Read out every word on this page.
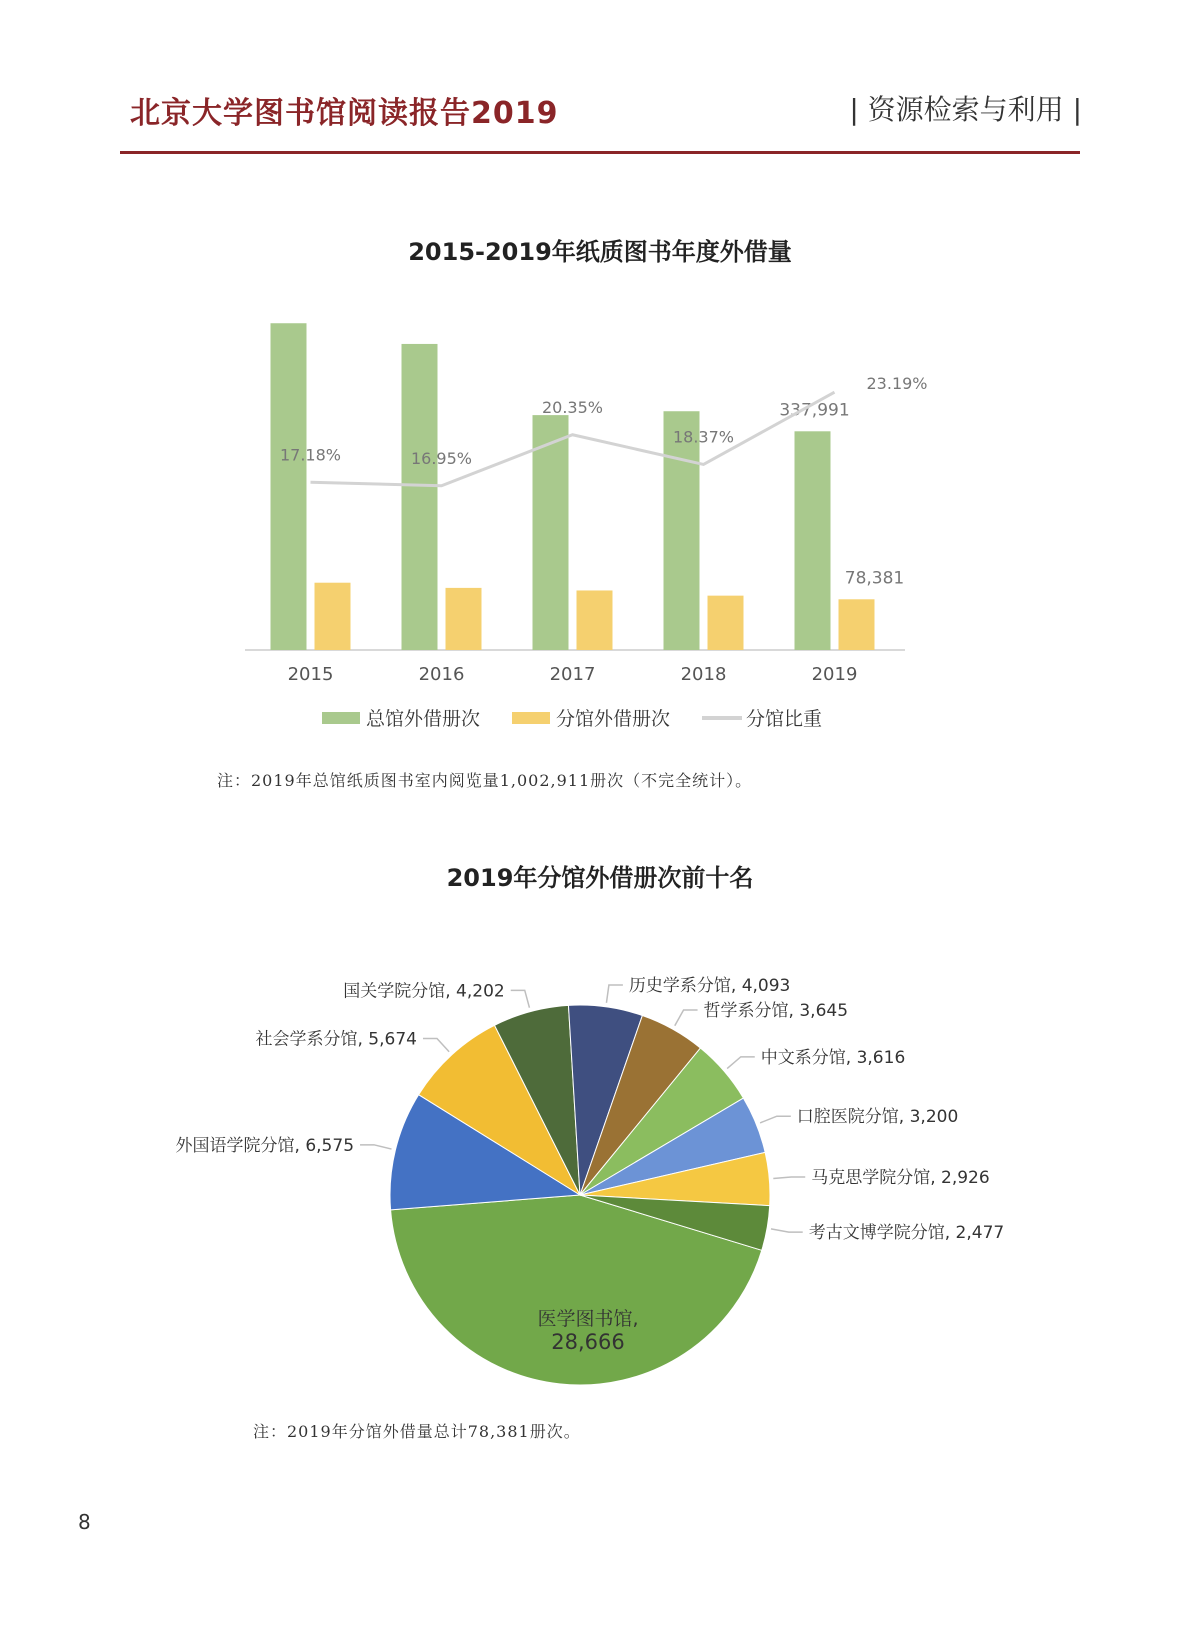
北京大学图书馆阅读报告2019	| 资源检索与利用 |
2015-2019年纸质图书年度外借量
2015	2016	2017	2018	2019
337,991
78,381
17.18%	16.95%
20.35%
18.37%
23.19%
总馆外借册次	分馆外借册次	分馆比重
注：2019年总馆纸质图书室内阅览量1,002,911册次（不完全统计）。
2019年分馆外借册次前十名
医学图书馆,
28,666
外国语学院分馆, 6,575
社会学系分馆, 5,674
国关学院分馆, 4,202	历史学系分馆, 4,093
哲学系分馆, 3,645
中文系分馆, 3,616
口腔医院分馆, 3,200
马克思学院分馆, 2,926
考古文博学院分馆, 2,477
注：2019年分馆外借量总计78,381册次。
8
